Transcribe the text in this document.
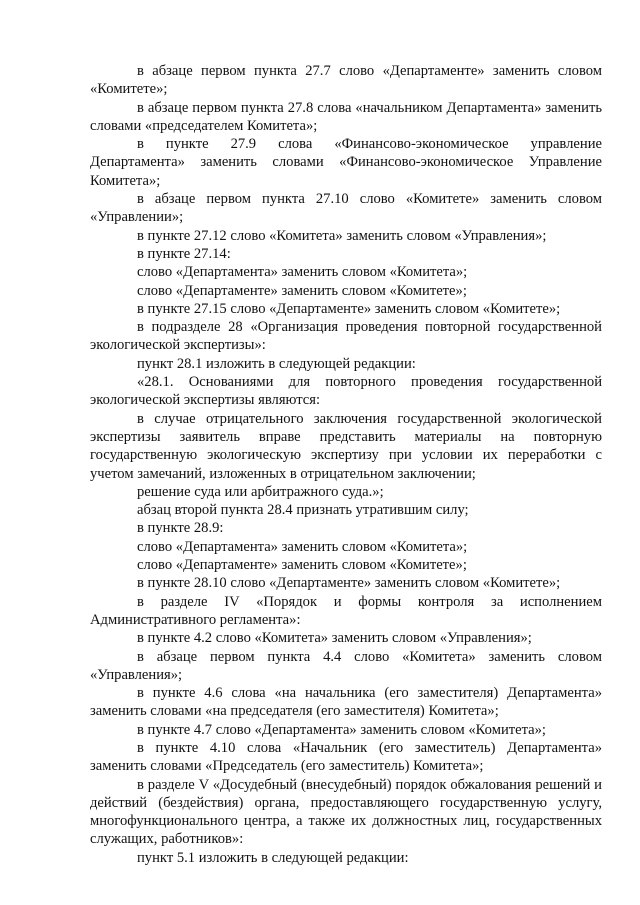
в абзаце первом пункта 27.7 слово «Департаменте» заменить словом «Комитете»;

в абзаце первом пункта 27.8 слова «начальником Департамента» заменить словами «председателем Комитета»;

в пункте 27.9 слова «Финансово-экономическое управление Департамента» заменить словами «Финансово-экономическое Управление Комитета»;

в абзаце первом пункта 27.10 слово «Комитете» заменить словом «Управлении»;

в пункте 27.12 слово «Комитета» заменить словом «Управления»;

в пункте 27.14:

слово «Департамента» заменить словом «Комитета»;

слово «Департаменте» заменить словом «Комитете»;

в пункте 27.15 слово «Департаменте» заменить словом «Комитете»;

в подразделе 28 «Организация проведения повторной государственной экологической экспертизы»:

пункт 28.1 изложить в следующей редакции:

«28.1. Основаниями для повторного проведения государственной экологической экспертизы являются:

в случае отрицательного заключения государственной экологической экспертизы заявитель вправе представить материалы на повторную государственную экологическую экспертизу при условии их переработки с учетом замечаний, изложенных в отрицательном заключении;

решение суда или арбитражного суда.»;

абзац второй пункта 28.4 признать утратившим силу;

в пункте 28.9:

слово «Департамента» заменить словом «Комитета»;

слово «Департаменте» заменить словом «Комитете»;

в пункте 28.10 слово «Департаменте» заменить словом «Комитете»;

в разделе IV «Порядок и формы контроля за исполнением Административного регламента»:

в пункте 4.2 слово «Комитета» заменить словом «Управления»;

в абзаце первом пункта 4.4 слово «Комитета» заменить словом «Управления»;

в пункте 4.6 слова «на начальника (его заместителя) Департамента» заменить словами «на председателя (его заместителя) Комитета»;

в пункте 4.7 слово «Департамента» заменить словом «Комитета»;

в пункте 4.10 слова «Начальник (его заместитель) Департамента» заменить словами «Председатель (его заместитель) Комитета»;

в разделе V «Досудебный (внесудебный) порядок обжалования решений и действий (бездействия) органа, предоставляющего государственную услугу, многофункционального центра, а также их должностных лиц, государственных служащих, работников»:

пункт 5.1 изложить в следующей редакции:
